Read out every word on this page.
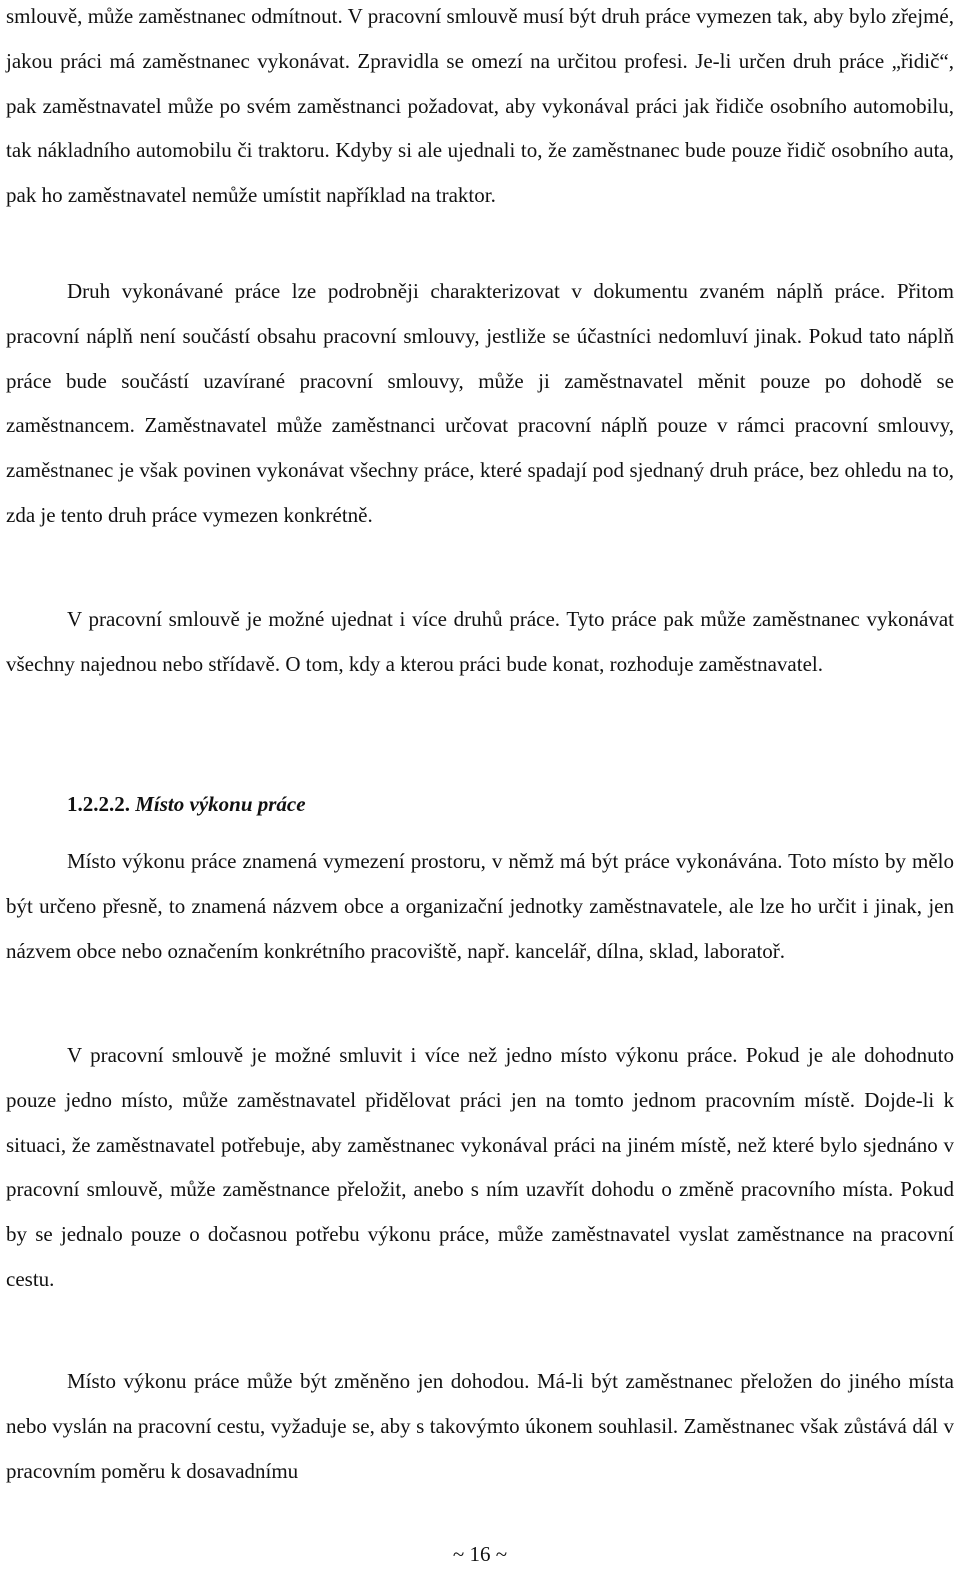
smlouvě, může zaměstnanec odmítnout. V pracovní smlouvě musí být druh práce vymezen tak, aby bylo zřejmé, jakou práci má zaměstnanec vykonávat. Zpravidla se omezí na určitou profesi. Je-li určen druh práce „řidič“, pak zaměstnavatel může po svém zaměstnanci požadovat, aby vykonával práci jak řidiče osobního automobilu, tak nákladního automobilu či traktoru. Kdyby si ale ujednali to, že zaměstnanec bude pouze řidič osobního auta, pak ho zaměstnavatel nemůže umístit například na traktor.

Druh vykonávané práce lze podrobněji charakterizovat v dokumentu zvaném náplň práce. Přitom pracovní náplň není součástí obsahu pracovní smlouvy, jestliže se účastníci nedomluví jinak. Pokud tato náplň práce bude součástí uzavírané pracovní smlouvy, může ji zaměstnavatel měnit pouze po dohodě se zaměstnancem. Zaměstnavatel může zaměstnanci určovat pracovní náplň pouze v rámci pracovní smlouvy, zaměstnanec je však povinen vykonávat všechny práce, které spadají pod sjednaný druh práce, bez ohledu na to, zda je tento druh práce vymezen konkrétně.

V pracovní smlouvě je možné ujednat i více druhů práce. Tyto práce pak může zaměstnanec vykonávat všechny najednou nebo střídavě. O tom, kdy a kterou práci bude konat, rozhoduje zaměstnavatel.

1.2.2.2. Místo výkonu práce

Místo výkonu práce znamená vymezení prostoru, v němž má být práce vykonávána. Toto místo by mělo být určeno přesně, to znamená názvem obce a organizační jednotky zaměstnavatele, ale lze ho určit i jinak, jen názvem obce nebo označením konkrétního pracoviště, např. kancelář, dílna, sklad, laboratoř.

V pracovní smlouvě je možné smluvit i více než jedno místo výkonu práce. Pokud je ale dohodnuto pouze jedno místo, může zaměstnavatel přidělovat práci jen na tomto jednom pracovním místě. Dojde-li k situaci, že zaměstnavatel potřebuje, aby zaměstnanec vykonával práci na jiném místě, než které bylo sjednáno v pracovní smlouvě, může zaměstnance přeložit, anebo s ním uzavřít dohodu o změně pracovního místa. Pokud by se jednalo pouze o dočasnou potřebu výkonu práce, může zaměstnavatel vyslat zaměstnance na pracovní cestu.

Místo výkonu práce může být změněno jen dohodou. Má-li být zaměstnanec přeložen do jiného místa nebo vyslán na pracovní cestu, vyžaduje se, aby s takovýmto úkonem souhlasil. Zaměstnanec však zůstává dál v pracovním poměru k dosavadnímu

~ 16 ~
